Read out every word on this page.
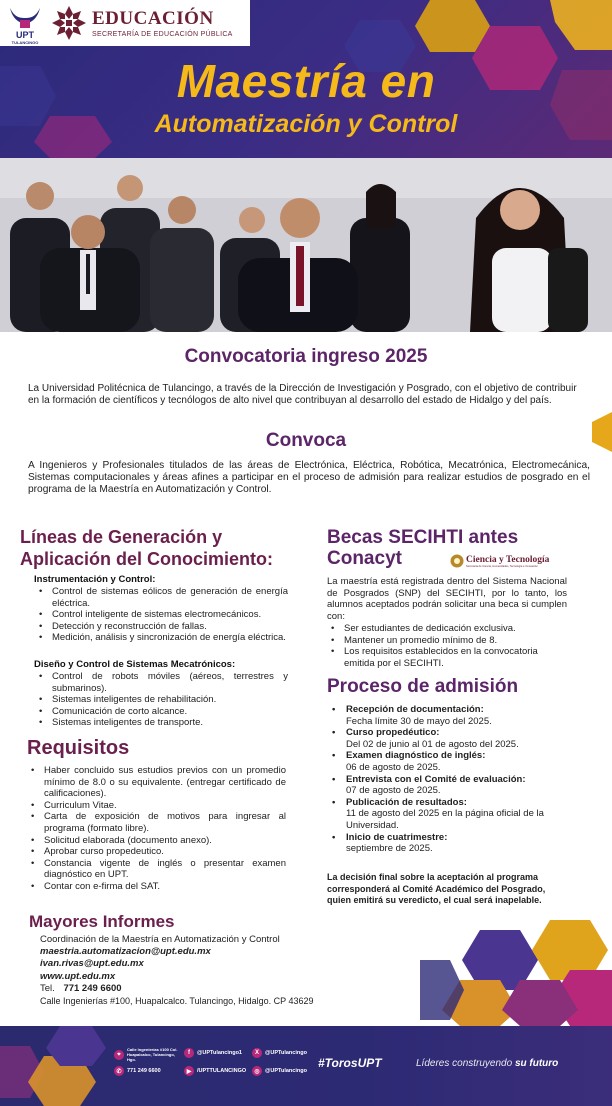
UPT
TULANCINGO
EDUCACIÓN
SECRETARÍA DE EDUCACIÓN PÚBLICA
Maestría en
Automatización y Control
Convocatoria ingreso 2025
La Universidad Politécnica de Tulancingo, a través de la Dirección de Investigación y Posgrado, con el objetivo de contribuir en la formación de científicos y tecnólogos de alto nivel que contribuyan al desarrollo del estado de Hidalgo y del país.
Convoca
A Ingenieros y Profesionales titulados de las áreas de Electrónica, Eléctrica, Robótica, Mecatrónica, Electromecánica, Sistemas computacionales y áreas afines a participar en el proceso de admisión para realizar estudios de posgrado en el programa de la Maestría en Automatización y Control.
Líneas de Generación y
Aplicación del Conocimiento:
Instrumentación y Control:
• Control de sistemas eólicos de generación de energía eléctrica.
• Control inteligente de sistemas electromecánicos.
• Detección y reconstrucción de fallas.
• Medición, análisis y sincronización de energía eléctrica.
Diseño y Control de Sistemas Mecatrónicos:
• Control de robots móviles (aéreos, terrestres y submarinos).
• Sistemas inteligentes de rehabilitación.
• Comunicación de corto alcance.
• Sistemas inteligentes de transporte.
Requisitos
• Haber concluido sus estudios previos con un promedio mínimo de 8.0 o su equivalente. (entregar certificado de calificaciones).
• Curriculum Vitae.
• Carta de exposición de motivos para ingresar al programa (formato libre).
• Solicitud elaborada (documento anexo).
• Aprobar curso propedeutico.
• Constancia vigente de inglés o presentar examen diagnóstico en UPT.
• Contar con e-firma del SAT.
Mayores Informes
Coordinación de la Maestría en Automatización y Control
maestria.automatizacion@upt.edu.mx
ivan.rivas@upt.edu.mx
www.upt.edu.mx
Tel. 771 249 6600
Calle Ingenierías #100, Huapalcalco. Tulancingo, Hidalgo. CP 43629
Becas SECIHTI antes
Conacyt	Ciencia y Tecnología
Secretaría de Ciencia, Humanidades, Tecnología e Innovación
La maestría está registrada dentro del Sistema Nacional de Posgrados (SNP) del SECIHTI, por lo tanto, los alumnos aceptados podrán solicitar una beca si cumplen con:
• Ser estudiantes de dedicación exclusiva.
• Mantener un promedio mínimo de 8.
• Los requisitos establecidos en la convocatoria emitida por el SECIHTI.
Proceso de admisión
• Recepción de documentación:
Fecha límite 30 de mayo del 2025.
• Curso propedéutico:
Del 02 de junio al 01 de agosto del 2025.
• Examen diagnóstico de inglés:
06 de agosto de 2025.
• Entrevista con el Comité de evaluación:
07 de agosto de 2025.
• Publicación de resultados:
11 de agosto del 2025 en la página oficial de la Universidad.
• Inicio de cuatrimestre:
septiembre de 2025.
La decisión final sobre la aceptación al programa corresponderá al Comité Académico del Posgrado, quien emitirá su veredicto, el cual será inapelable.
⌖
Calle Ingenierías #100 Col. Huapalcalco, Tulancingo, Hgo.
✆ 771 249 6600
f	@UPTulancingo1
▶	/UPTTULANCINGO
X	@UPTulancingo
◎ @UPTulancingo
#TorosUPT	Líderes construyendo su futuro
